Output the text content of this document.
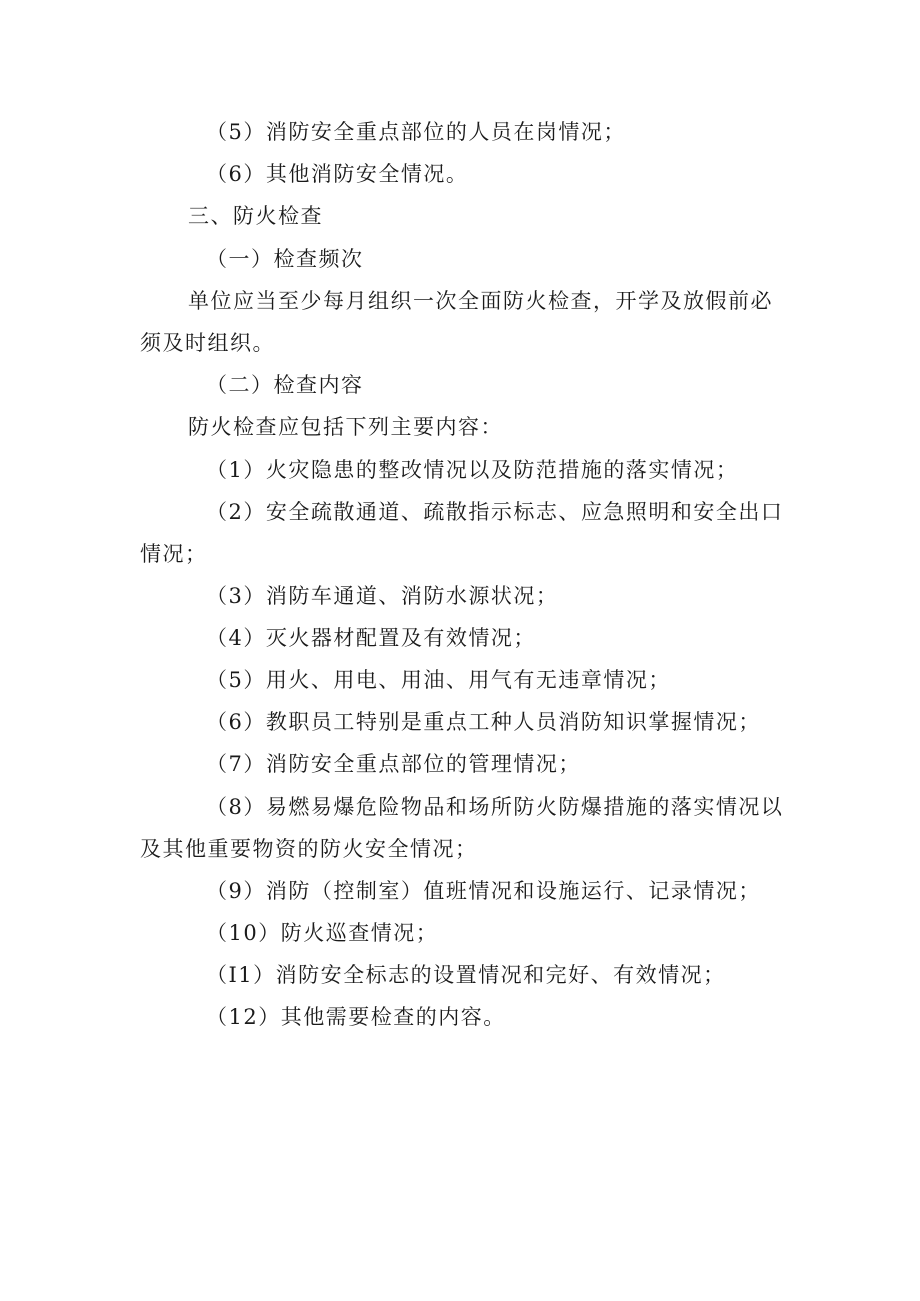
（5）消防安全重点部位的人员在岗情况；
（6）其他消防安全情况。
三、防火检查
（一）检查频次
单位应当至少每月组织一次全面防火检查，开学及放假前必
须及时组织。
（二）检查内容
防火检查应包括下列主要内容：
（1）火灾隐患的整改情况以及防范措施的落实情况；
（2）安全疏散通道、疏散指示标志、应急照明和安全出口
情况；
（3）消防车通道、消防水源状况；
（4）灭火器材配置及有效情况；
（5）用火、用电、用油、用气有无违章情况；
（6）教职员工特别是重点工种人员消防知识掌握情况；
（7）消防安全重点部位的管理情况；
（8）易燃易爆危险物品和场所防火防爆措施的落实情况以
及其他重要物资的防火安全情况；
（9）消防（控制室）值班情况和设施运行、记录情况；
（10）防火巡查情况；
（I1）消防安全标志的设置情况和完好、有效情况；
（12）其他需要检查的内容。
